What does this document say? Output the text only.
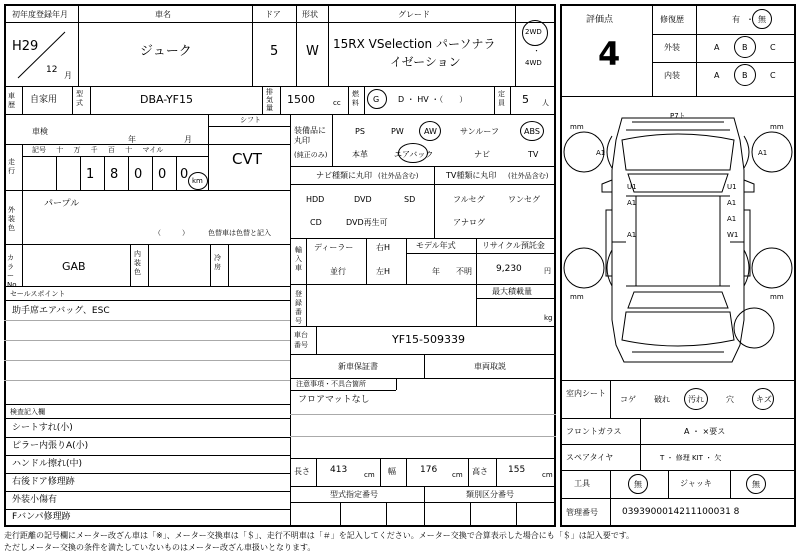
初年度登録年月
H29
12
月
車名
ジューク
ドア
5
形状
W
グレード
15RX VSelection パーソナラ
イゼーション
2WD
・
4WD
車歴 自家用
型式	DBA-YF15
排気量
1500	cc
燃料 G D ・ HV ・（　　）
定員 5 人
車検
年	月
シフト
CVT
走行
記号 十 万 千 百 十 マイル
1 8 0 0 0 km
外装色
パープル
（　　　）	色替車は色替と記入
カラーNo.
GAB
内装色
冷房
セールスポイント
助手席エアバッグ、ESC
検査記入欄
シートすれ(小)
ピラー内張りA(小)
ハンドル擦れ(中)
右後ドア修理跡
外装小傷有
Fバンパ修理跡
装備品に丸印
(純正のみ)
PS	PW	AW	サンルーフ	ABS
本革	エアバック	ナビ	TV
ナビ種類に丸印 (社外品含む)	TV種類に丸印 (社外品含む)
HDD	DVD	SD
CD	DVD再生可
フルセグ	ワンセグ
アナログ
輸入車
ディーラー
並行
右H
左H
モデル年式
年 不明
リサイクル預託金
9,230	円
登録番号
最大積載量
kg
車台番号	YF15-509339
新車保証書	車両取説
注意事項・不具合箇所
フロアマットなし
長さ 413 cm 幅	176 cm 高さ 155 cm
型式指定番号	類別区分番号
走行距離の記号欄にメーター改ざん車は「※」、メーター交換車は「＄」、走行不明車は「＃」を記入してください。メーター交換で合算表示した場合にも「＄」は記入要です。
ただしメーター交換の条件を満たしていないものはメーター改ざん車扱いとなります。
評価点
4
修復歴	有 ・ 無
外装	A	B	C
内装	A	B	C
P7ト
mm	mm
mm	mm
A1	A1
U1
A1
A1
U1
A1
A1
W1
室内シート
コゲ 破れ 汚れ	穴	キズ
フロントガラス	A ・ ×要ス
スペアタイヤ	T ・ 修理 KIT ・ 欠
工具	無	ジャッキ	無
管理番号	0393900014211100031 8
